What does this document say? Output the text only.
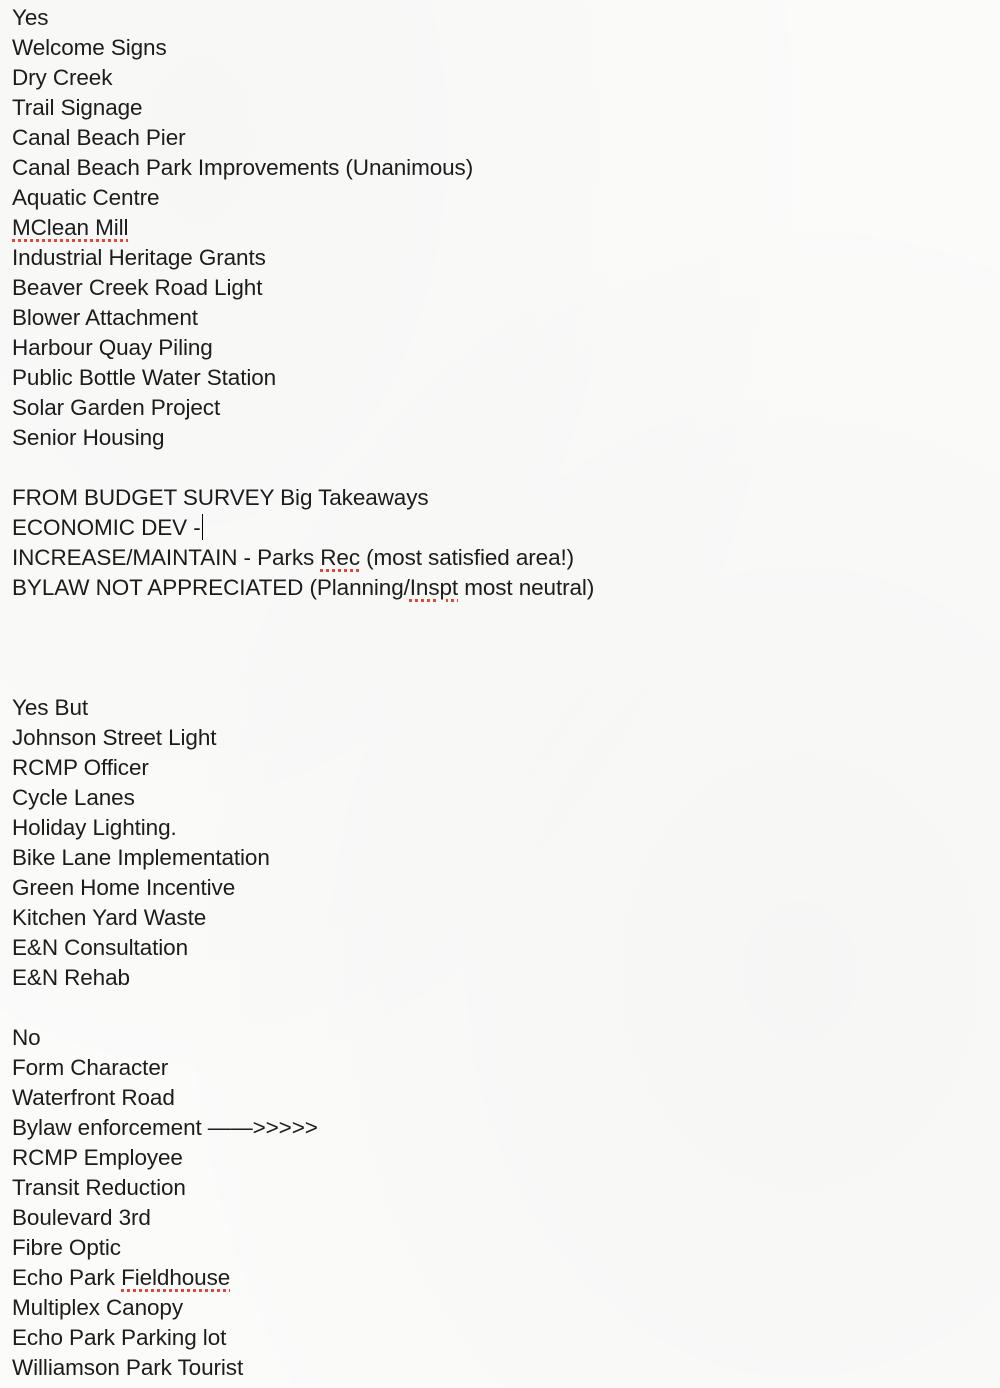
Yes
Welcome Signs
Dry Creek
Trail Signage
Canal Beach Pier
Canal Beach Park Improvements (Unanimous)
Aquatic Centre
MClean Mill
Industrial Heritage Grants
Beaver Creek Road Light
Blower Attachment
Harbour Quay Piling
Public Bottle Water Station
Solar Garden Project
Senior Housing
FROM BUDGET SURVEY Big Takeaways
ECONOMIC DEV -
INCREASE/MAINTAIN - Parks Rec (most satisfied area!)
BYLAW NOT APPRECIATED (Planning/Inspt most neutral)
Yes But
Johnson Street Light
RCMP Officer
Cycle Lanes
Holiday Lighting.
Bike Lane Implementation
Green Home Incentive
Kitchen Yard Waste
E&N Consultation
E&N Rehab
No
Form Character
Waterfront Road
Bylaw enforcement ——>>>>>
RCMP Employee
Transit Reduction
Boulevard 3rd
Fibre Optic
Echo Park Fieldhouse
Multiplex Canopy
Echo Park Parking lot
Williamson Park Tourist
